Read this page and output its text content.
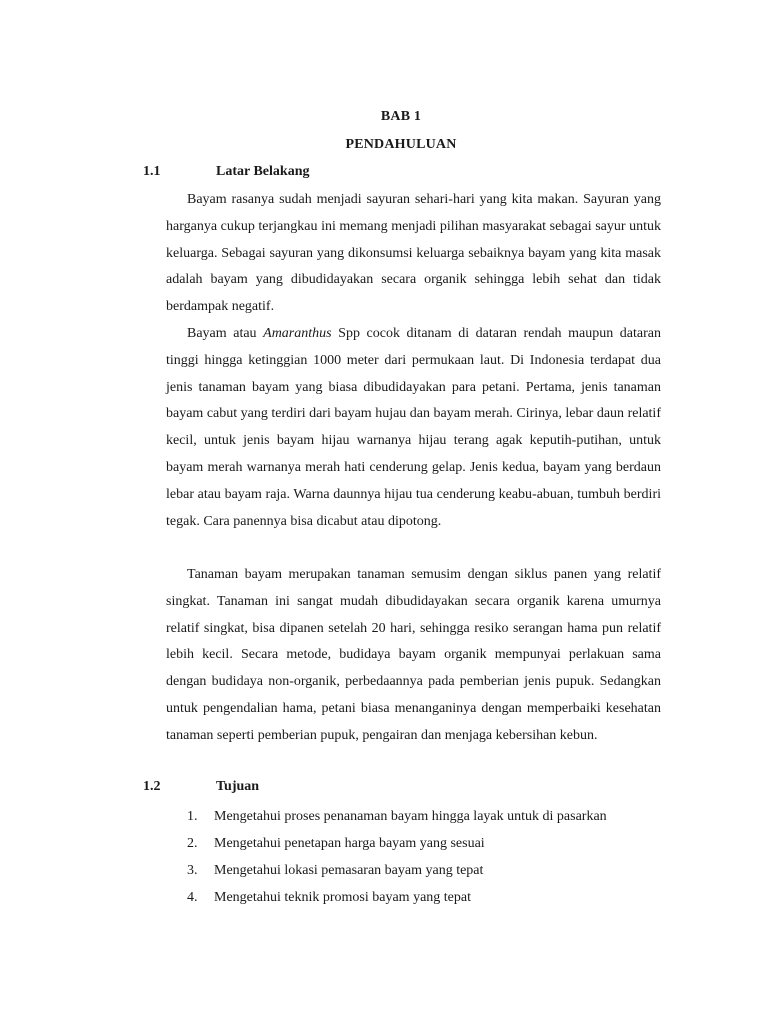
BAB 1
PENDAHULUAN
1.1	Latar Belakang

Bayam rasanya sudah menjadi sayuran sehari-hari yang kita makan. Sayuran yang harganya cukup terjangkau ini memang menjadi pilihan masyarakat sebagai sayur untuk keluarga. Sebagai sayuran yang dikonsumsi keluarga sebaiknya bayam yang kita masak adalah bayam yang dibudidayakan secara organik sehingga lebih sehat dan tidak berdampak negatif.

Bayam atau Amaranthus Spp cocok ditanam di dataran rendah maupun dataran tinggi hingga ketinggian 1000 meter dari permukaan laut. Di Indonesia terdapat dua jenis tanaman bayam yang biasa dibudidayakan para petani. Pertama, jenis tanaman bayam cabut yang terdiri dari bayam hujau dan bayam merah. Cirinya, lebar daun relatif kecil, untuk jenis bayam hijau warnanya hijau terang agak keputih-putihan, untuk bayam merah warnanya merah hati cenderung gelap. Jenis kedua, bayam yang berdaun lebar atau bayam raja. Warna daunnya hijau tua cenderung keabu-abuan, tumbuh berdiri tegak. Cara panennya bisa dicabut atau dipotong.

Tanaman bayam merupakan tanaman semusim dengan siklus panen yang relatif singkat. Tanaman ini sangat mudah dibudidayakan secara organik karena umurnya relatif singkat, bisa dipanen setelah 20 hari, sehingga resiko serangan hama pun relatif lebih kecil. Secara metode, budidaya bayam organik mempunyai perlakuan sama dengan budidaya non-organik, perbedaannya pada pemberian jenis pupuk. Sedangkan untuk pengendalian hama, petani biasa menanganinya dengan memperbaiki kesehatan tanaman seperti pemberian pupuk, pengairan dan menjaga kebersihan kebun.

1.2	Tujuan
1. Mengetahui proses penanaman bayam hingga layak untuk di pasarkan
2. Mengetahui penetapan harga bayam yang sesuai
3. Mengetahui lokasi pemasaran bayam yang tepat
4. Mengetahui teknik promosi bayam yang tepat
